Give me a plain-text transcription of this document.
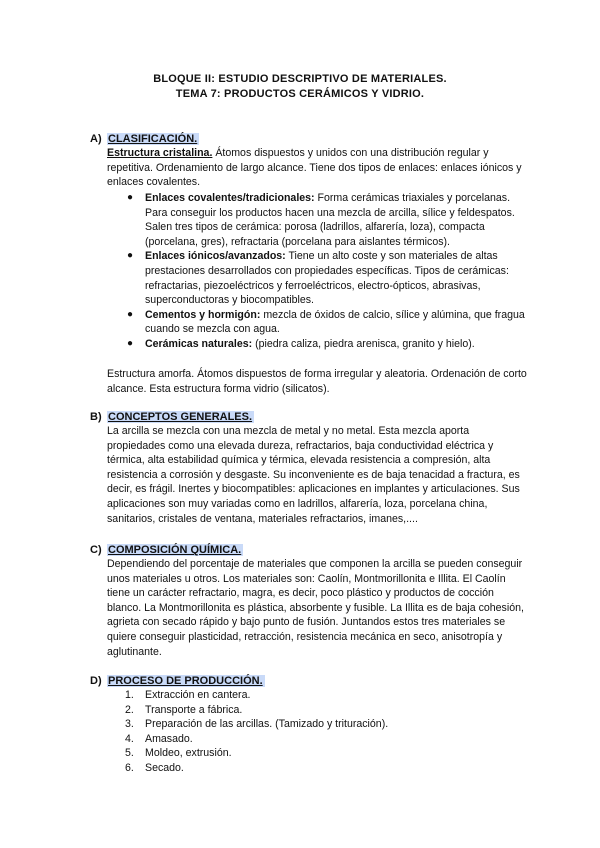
BLOQUE II: ESTUDIO DESCRIPTIVO DE MATERIALES.
TEMA 7: PRODUCTOS CERÁMICOS Y VIDRIO.
A) CLASIFICACIÓN.
Estructura cristalina. Átomos dispuestos y unidos con una distribución regular y repetitiva. Ordenamiento de largo alcance. Tiene dos tipos de enlaces: enlaces iónicos y enlaces covalentes.
● Enlaces covalentes/tradicionales: Forma cerámicas triaxiales y porcelanas. Para conseguir los productos hacen una mezcla de arcilla, sílice y feldespatos. Salen tres tipos de cerámica: porosa (ladrillos, alfarería, loza), compacta (porcelana, gres), refractaria (porcelana para aislantes térmicos).
● Enlaces iónicos/avanzados: Tiene un alto coste y son materiales de altas prestaciones desarrollados con propiedades específicas. Tipos de cerámicas: refractarias, piezoeléctricos y ferroeléctricos, electro-ópticos, abrasivas, superconductoras y biocompatibles.
● Cementos y hormigón: mezcla de óxidos de calcio, sílice y alúmina, que fragua cuando se mezcla con agua.
● Cerámicas naturales: (piedra caliza, piedra arenisca, granito y hielo).
Estructura amorfa. Átomos dispuestos de forma irregular y aleatoria. Ordenación de corto alcance. Esta estructura forma vidrio (silicatos).
B) CONCEPTOS GENERALES.
La arcilla se mezcla con una mezcla de metal y no metal. Esta mezcla aporta propiedades como una elevada dureza, refractarios, baja conductividad eléctrica y térmica, alta estabilidad química y térmica, elevada resistencia a compresión, alta resistencia a corrosión y desgaste. Su inconveniente es de baja tenacidad a fractura, es decir, es frágil. Inertes y biocompatibles: aplicaciones en implantes y articulaciones. Sus aplicaciones son muy variadas como en ladrillos, alfarería, loza, porcelana china, sanitarios, cristales de ventana, materiales refractarios, imanes,....
C) COMPOSICIÓN QUÍMICA.
Dependiendo del porcentaje de materiales que componen la arcilla se pueden conseguir unos materiales u otros. Los materiales son: Caolín, Montmorillonita e Illita. El Caolín tiene un carácter refractario, magra, es decir, poco plástico y productos de cocción blanco. La Montmorillonita es plástica, absorbente y fusible. La Illita es de baja cohesión, agrieta con secado rápido y bajo punto de fusión. Juntandos estos tres materiales se quiere conseguir plasticidad, retracción, resistencia mecánica en seco, anisotropía y aglutinante.
D) PROCESO DE PRODUCCIÓN.
1. Extracción en cantera.
2. Transporte a fábrica.
3. Preparación de las arcillas. (Tamizado y trituración).
4. Amasado.
5. Moldeo, extrusión.
6. Secado.
